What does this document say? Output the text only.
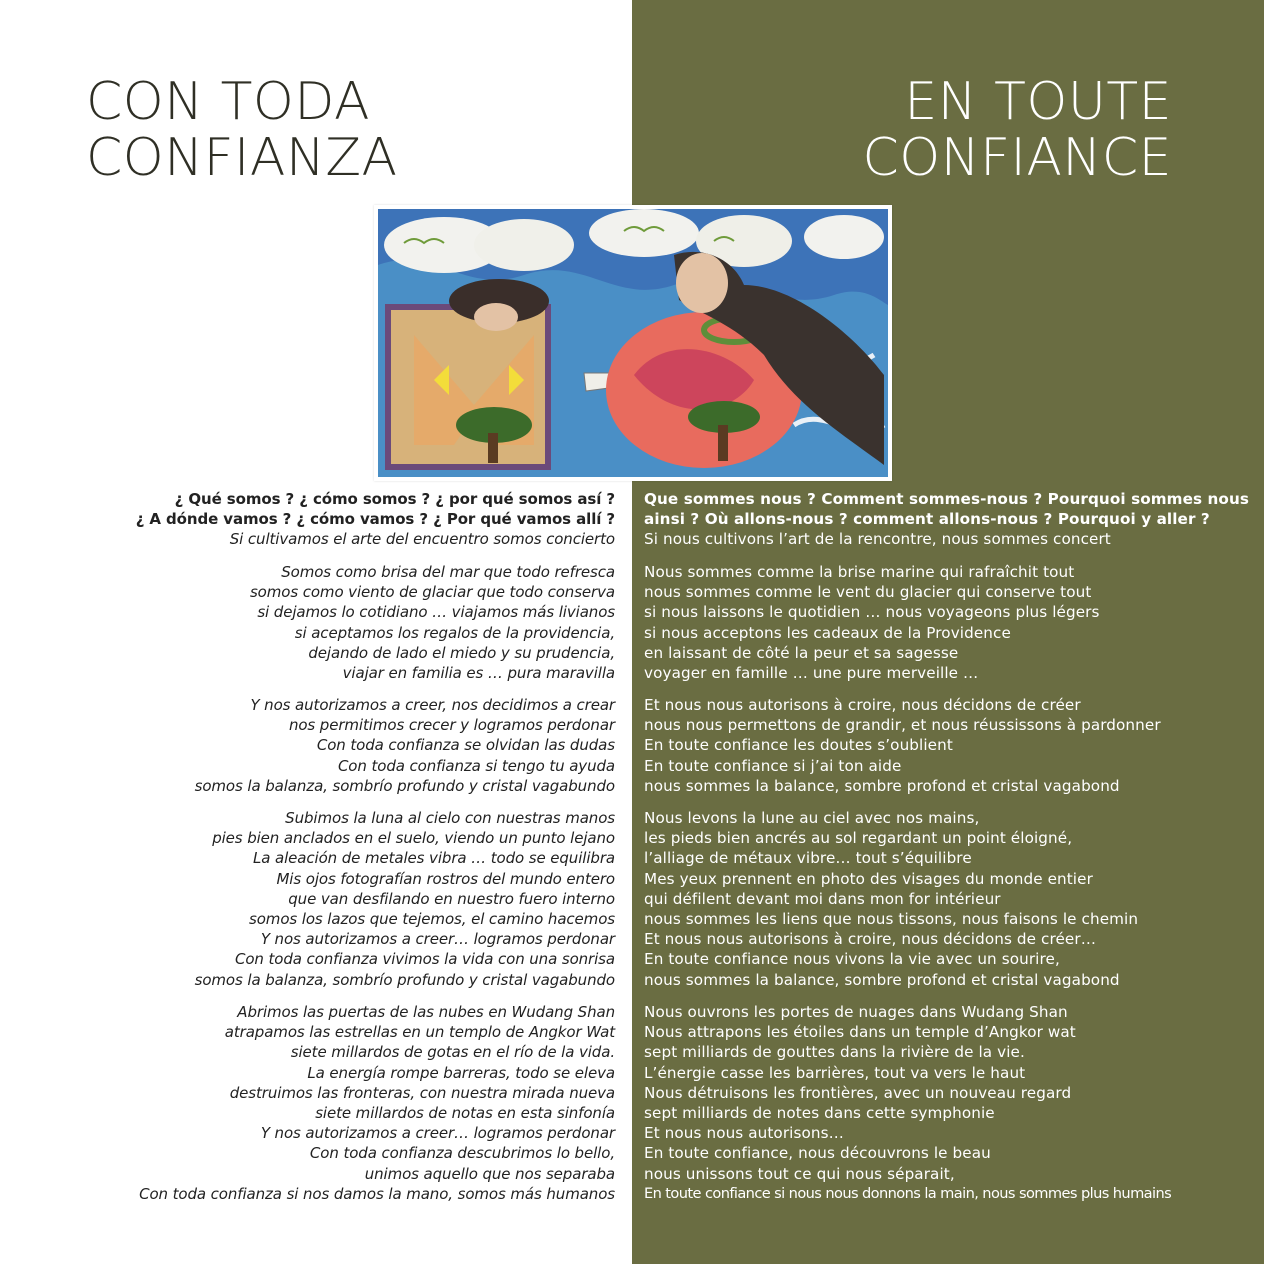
CON TODA
CONFIANZA
EN TOUTE
CONFIANCE
¿ Qué somos ? ¿ cómo somos ? ¿ por qué somos así ?
¿ A dónde vamos ? ¿ cómo vamos ? ¿ Por qué vamos allí ?
Si cultivamos el arte del encuentro somos concierto
Que sommes nous ? Comment sommes-nous ? Pourquoi sommes nous
ainsi ? Où allons-nous ? comment allons-nous ? Pourquoi y aller ?
Si nous cultivons l’art de la rencontre, nous sommes concert
Somos como brisa del mar que todo refresca
somos como viento de glaciar que todo conserva
si dejamos lo cotidiano … viajamos más livianos
si aceptamos los regalos de la providencia,
dejando de lado el miedo y su prudencia,
viajar en familia es … pura maravilla
Nous sommes comme la brise marine qui rafraîchit tout
nous sommes comme le vent du glacier qui conserve tout
si nous laissons le quotidien … nous voyageons plus légers
si nous acceptons les cadeaux de la Providence
en laissant de côté la peur et sa sagesse
voyager en famille … une pure merveille …
Y nos autorizamos a creer, nos decidimos a crear
nos permitimos crecer y logramos perdonar
Con toda confianza se olvidan las dudas
Con toda confianza si tengo tu ayuda
somos la balanza, sombrío profundo y cristal vagabundo
Et nous nous autorisons à croire, nous décidons de créer
nous nous permettons de grandir, et nous réussissons à pardonner
En toute confiance les doutes s’oublient
En toute confiance si j’ai ton aide
nous sommes la balance, sombre profond et cristal vagabond
Subimos la luna al cielo con nuestras manos
pies bien anclados en el suelo, viendo un punto lejano
La aleación de metales vibra … todo se equilibra
Mis ojos fotografían rostros del mundo entero
que van desfilando en nuestro fuero interno
somos los lazos que tejemos, el camino hacemos
Y nos autorizamos a creer… logramos perdonar
Con toda confianza vivimos la vida con una sonrisa
somos la balanza, sombrío profundo y cristal vagabundo
Nous levons la lune au ciel avec nos mains,
les pieds bien ancrés au sol regardant un point éloigné,
l’alliage de métaux vibre… tout s’équilibre
Mes yeux prennent en photo des visages du monde entier
qui défilent devant moi dans mon for intérieur
nous sommes les liens que nous tissons, nous faisons le chemin
Et nous nous autorisons à croire, nous décidons de créer…
En toute confiance nous vivons la vie avec un sourire,
nous sommes la balance, sombre profond et cristal vagabond
Abrimos las puertas de las nubes en Wudang Shan
atrapamos las estrellas en un templo de Angkor Wat
siete millardos de gotas en el río de la vida.
La energía rompe barreras, todo se eleva
destruimos las fronteras, con nuestra mirada nueva
siete millardos de notas en esta sinfonía
Y nos autorizamos a creer… logramos perdonar
Con toda confianza descubrimos lo bello,
unimos aquello que nos separaba
Con toda confianza si nos damos la mano, somos más humanos
Nous ouvrons les portes de nuages dans Wudang Shan
Nous attrapons les étoiles dans un temple d’Angkor wat
sept milliards de gouttes dans la rivière de la vie.
L’énergie casse les barrières, tout va vers le haut
Nous détruisons les frontières, avec un nouveau regard
sept milliards de notes dans cette symphonie
Et nous nous autorisons…
En toute confiance, nous découvrons le beau
nous unissons tout ce qui nous séparait,
En toute confiance si nous nous donnons la main, nous sommes plus humains
